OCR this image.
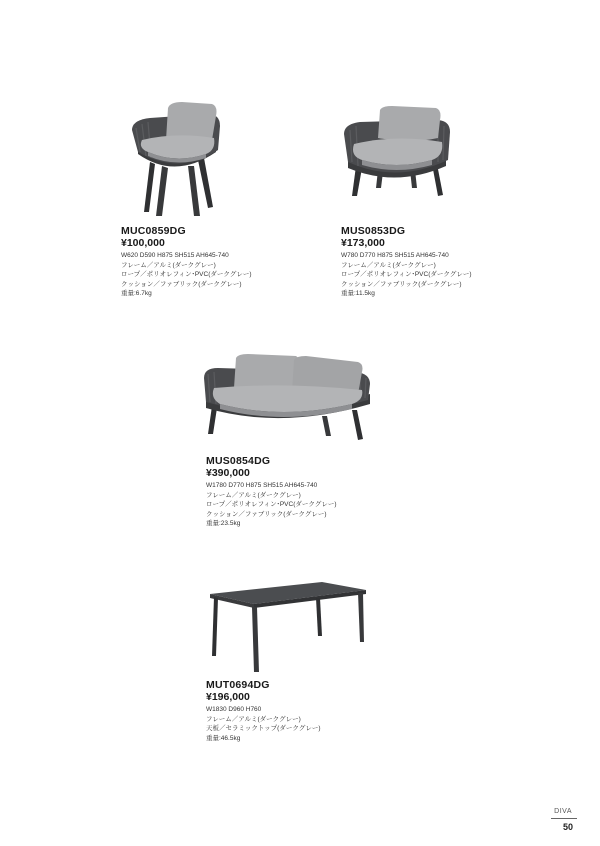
MUC0859DG
¥100,000
W620 D590 H875 SH515 AH645-740
フレーム／アルミ(ダークグレー)
ロープ／ポリオレフィン･PVC(ダークグレー)
クッション／ファブリック(ダークグレー)
重量:6.7kg
MUS0853DG
¥173,000
W780 D770 H875 SH515 AH645-740
フレーム／アルミ(ダークグレー)
ロープ／ポリオレフィン･PVC(ダークグレー)
クッション／ファブリック(ダークグレー)
重量:11.5kg
MUS0854DG
¥390,000
W1780 D770 H875 SH515 AH645-740
フレーム／アルミ(ダークグレー)
ロープ／ポリオレフィン･PVC(ダークグレー)
クッション／ファブリック(ダークグレー)
重量:23.5kg
MUT0694DG
¥196,000
W1830 D960 H760
フレーム／アルミ(ダークグレー)
天板／セラミックトップ(ダークグレー)
重量:46.5kg
DIVA
50
